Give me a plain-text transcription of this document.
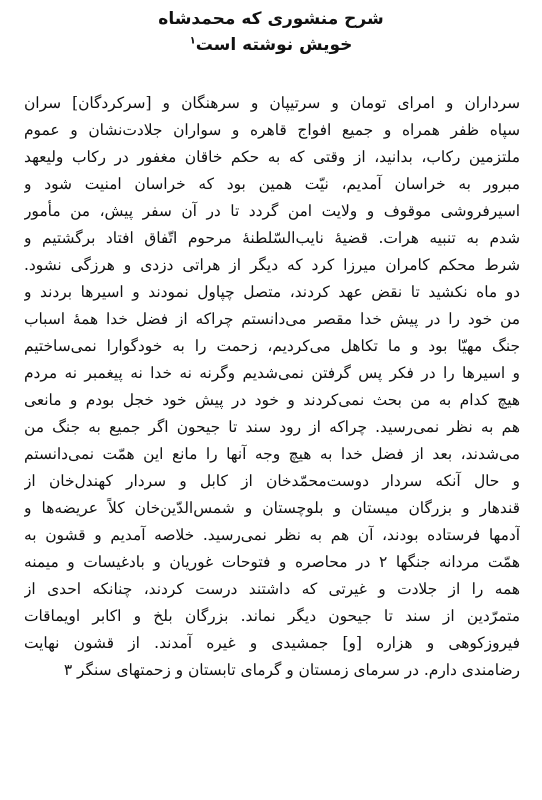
شرح منشوری که محمدشاه
خویش نوشته است$^۱$
سرداران و امرای تومان و سرتیپان و سرهنگان و [سرکردگان] سران
سپاه ظفر همراه و جمیع افواج قاهره و سواران جلادت‌نشان و عموم
ملتزمین رکاب، بدانید، از وقتی که به حکم خاقان مغفور در رکاب ولیعهد
مبرور به خراسان آمدیم، نیّت همین بود که خراسان امنیت شود و
اسیرفروشی موقوف و ولایت امن گردد تا در آن سفر پیش، من مأمور
شدم به تنبیه هرات. قضیهٔ نایب‌السّلطنهٔ مرحوم اتّفاق افتاد برگشتیم و
شرط محکم کامران میرزا کرد که دیگر از هراتی دزدی و هرزگی نشود.
دو ماه نکشید تا نقض عهد کردند، متصل چپاول نمودند و اسیرها بردند و
من خود را در پیش خدا مقصر می‌دانستم چراکه از فضل خدا همهٔ اسباب
جنگ مهیّا بود و ما تکاهل می‌کردیم، زحمت را به خودگوارا نمی‌ساختیم
و اسیرها را در فکر پس گرفتن نمی‌شدیم وگرنه نه خدا نه پیغمبر نه مردم
هیچ کدام به من بحث نمی‌کردند و خود در پیش خود خجل بودم و مانعی
هم به نظر نمی‌رسید. چراکه از رود سند تا جیحون اگر جمیع به جنگ من
می‌شدند، بعد از فضل خدا به هیچ وجه آنها را مانع این همّت نمی‌دانستم
و حال آنکه سردار دوست‌محمّدخان از کابل و سردار کهندل‌خان از
قندهار و بزرگان میستان و بلوچستان و شمس‌الدّین‌خان کلاً عریضه‌ها و
آدمها فرستاده بودند، آن هم به نظر نمی‌رسید. خلاصه آمدیم و قشون به
همّت مردانه جنگها ۲ در محاصره و فتوحات غوریان و بادغیسات و میمنه
همه را از جلادت و غیرتی که داشتند درست کردند، چنانکه احدی از
متمرّدین از سند تا جیحون دیگر نماند. بزرگان بلخ و اکابر اویماقات
فیروزکوهی و هزاره [و] جمشیدی و غیره آمدند. از قشون نهایت
رضامندی دارم. در سرمای زمستان و گرمای تابستان و زحمتهای سنگر ۳
